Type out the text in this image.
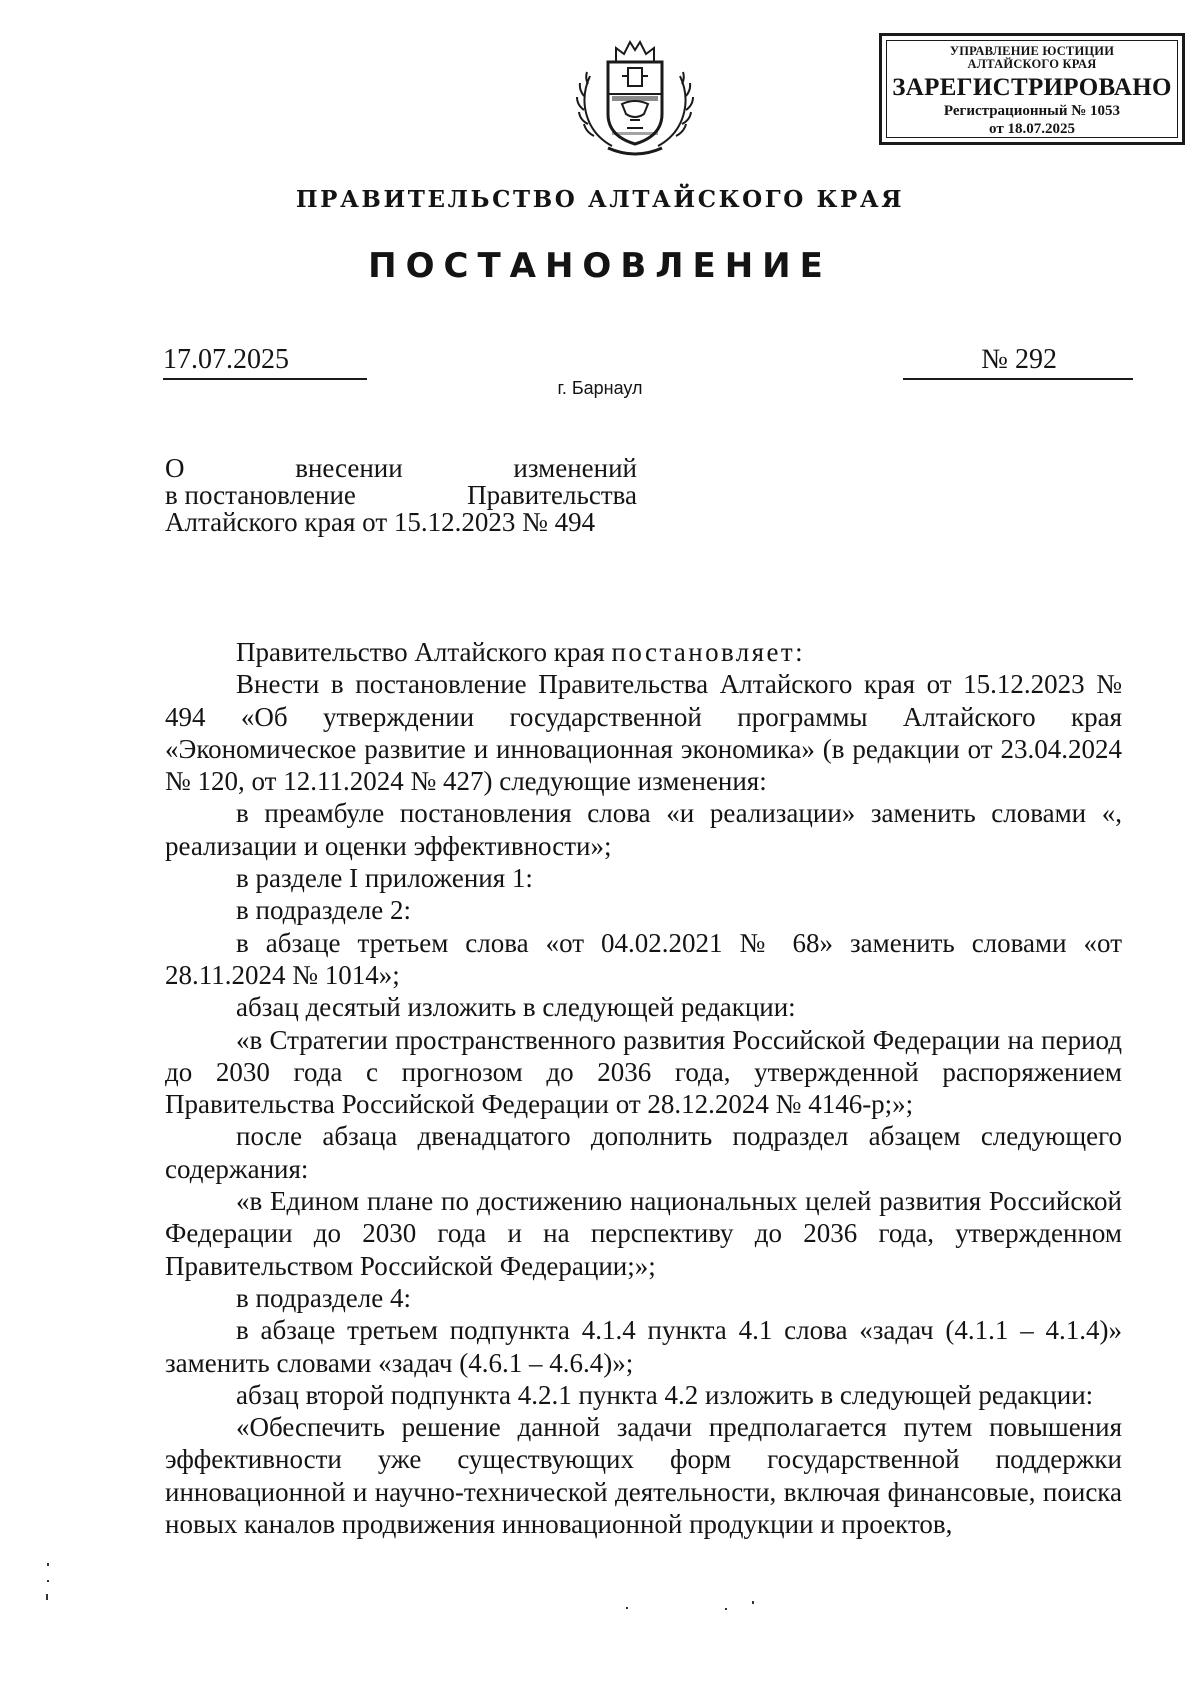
УПРАВЛЕНИЕ ЮСТИЦИИ
АЛТАЙСКОГО КРАЯ
ЗАРЕГИСТРИРОВАНО
Регистрационный № 1053
от 18.07.2025
ПРАВИТЕЛЬСТВО АЛТАЙСКОГО КРАЯ
ПОСТАНОВЛЕНИЕ
17.07.2025	№ 292
г. Барнаул
О	внесении	изменений
в постановление	Правительства
Алтайского края от 15.12.2023 № 494

Правительство Алтайского края постановляет:

Внести в постановление Правительства Алтайского края от 15.12.2023 № 494 «Об утверждении государственной программы Алтайского края «Экономическое развитие и инновационная экономика» (в редакции от 23.04.2024 № 120, от 12.11.2024 № 427) следующие изменения:

в преамбуле постановления слова «и реализации» заменить словами «, реализации и оценки эффективности»;

в разделе I приложения 1:

в подразделе 2:

в абзаце третьем слова «от 04.02.2021 № 68» заменить словами «от 28.11.2024 № 1014»;

абзац десятый изложить в следующей редакции:

«в Стратегии пространственного развития Российской Федерации на период до 2030 года с прогнозом до 2036 года, утвержденной распоряжением Правительства Российской Федерации от 28.12.2024 № 4146-р;»;

после абзаца двенадцатого дополнить подраздел абзацем следующего содержания:

«в Едином плане по достижению национальных целей развития Российской Федерации до 2030 года и на перспективу до 2036 года, утвержденном Правительством Российской Федерации;»;

в подразделе 4:

в абзаце третьем подпункта 4.1.4 пункта 4.1 слова «задач (4.1.1 – 4.1.4)» заменить словами «задач (4.6.1 – 4.6.4)»;

абзац второй подпункта 4.2.1 пункта 4.2 изложить в следующей редакции:

«Обеспечить решение данной задачи предполагается путем повышения эффективности уже существующих форм государственной поддержки инновационной и научно-технической деятельности, включая финансовые, поиска новых каналов продвижения инновационной продукции и проектов,
